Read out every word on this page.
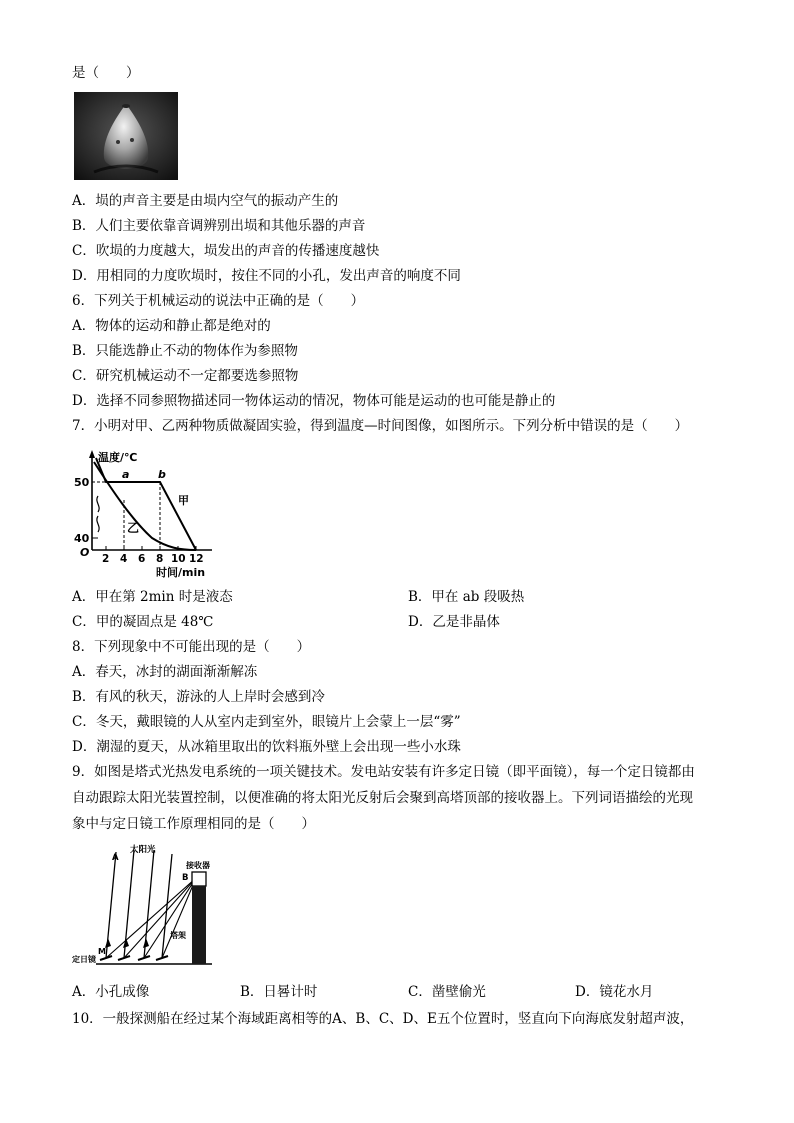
是（　　）
A．埙的声音主要是由埙内空气的振动产生的
B．人们主要依靠音调辨别出埙和其他乐器的声音
C．吹埙的力度越大，埙发出的声音的传播速度越快
D．用相同的力度吹埙时，按住不同的小孔，发出声音的响度不同
6．下列关于机械运动的说法中正确的是（　　）
A．物体的运动和静止都是绝对的
B．只能选静止不动的物体作为参照物
C．研究机械运动不一定都要选参照物
D．选择不同参照物描述同一物体运动的情况，物体可能是运动的也可能是静止的
7．小明对甲、乙两种物质做凝固实验，得到温度—时间图像，如图所示。下列分析中错误的是（　　）
温度/℃
50
40
O
a	b
甲
乙
2 4 6 8 10 12
时间/min
A．甲在第 2min 时是液态	B．甲在 ab 段吸热
C．甲的凝固点是 48℃	D．乙是非晶体
8．下列现象中不可能出现的是（　　）
A．春天，冰封的湖面渐渐解冻
B．有风的秋天，游泳的人上岸时会感到冷
C．冬天，戴眼镜的人从室内走到室外，眼镜片上会蒙上一层“雾”
D．潮湿的夏天，从冰箱里取出的饮料瓶外壁上会出现一些小水珠
9．如图是塔式光热发电系统的一项关键技术。发电站安装有许多定日镜（即平面镜），每一个定日镜都由
自动跟踪太阳光装置控制，以便准确的将太阳光反射后会聚到高塔顶部的接收器上。下列词语描绘的光现
象中与定日镜工作原理相同的是（　　）
A
太阳光
接收器
B
塔架
M
定日镜
A．小孔成像	B．日晷计时	C．凿壁偷光	D．镜花水月
10．一般探测船在经过某个海域距离相等的A、B、C、D、E五个位置时，竖直向下向海底发射超声波，
